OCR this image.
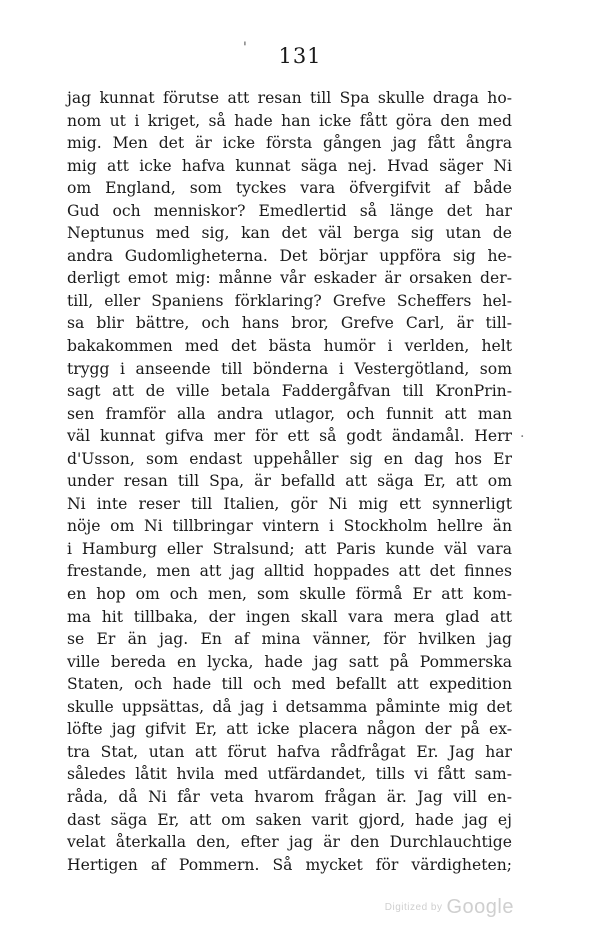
' 131
jag kunnat förutse att resan till Spa skulle draga ho-
nom ut i kriget, så hade han icke fått göra den med
mig. Men det är icke första gången jag fått ångra
mig att icke hafva kunnat säga nej. Hvad säger Ni
om England, som tyckes vara öfvergifvit af både
Gud och menniskor? Emedlertid så länge det har
Neptunus med sig, kan det väl berga sig utan de
andra Gudomligheterna. Det börjar uppföra sig he-
derligt emot mig: månne vår eskader är orsaken der-
till, eller Spaniens förklaring? Grefve Scheffers hel-
sa blir bättre, och hans bror, Grefve Carl, är till-
bakakommen med det bästa humör i verlden, helt
trygg i anseende till bönderna i Vestergötland, som
sagt att de ville betala Faddergåfvan till KronPrin-
sen framför alla andra utlagor, och funnit att man
väl kunnat gifva mer för ett så godt ändamål. Herr
d'Usson, som endast uppehåller sig en dag hos Er
under resan till Spa, är befalld att säga Er, att om
Ni inte reser till Italien, gör Ni mig ett synnerligt
nöje om Ni tillbringar vintern i Stockholm hellre än
i Hamburg eller Stralsund; att Paris kunde väl vara
frestande, men att jag alltid hoppades att det finnes
en hop om och men, som skulle förmå Er att kom-
ma hit tillbaka, der ingen skall vara mera glad att
se Er än jag. En af mina vänner, för hvilken jag
ville bereda en lycka, hade jag satt på Pommerska
Staten, och hade till och med befallt att expedition
skulle uppsättas, då jag i detsamma påminte mig det
löfte jag gifvit Er, att icke placera någon der på ex-
tra Stat, utan att förut hafva rådfrågat Er. Jag har
således låtit hvila med utfärdandet, tills vi fått sam-
råda, då Ni får veta hvarom frågan är. Jag vill en-
dast säga Er, att om saken varit gjord, hade jag ej
velat återkalla den, efter jag är den Durchlauchtige
Hertigen af Pommern. Så mycket för värdigheten;
.
Digitized by Google
